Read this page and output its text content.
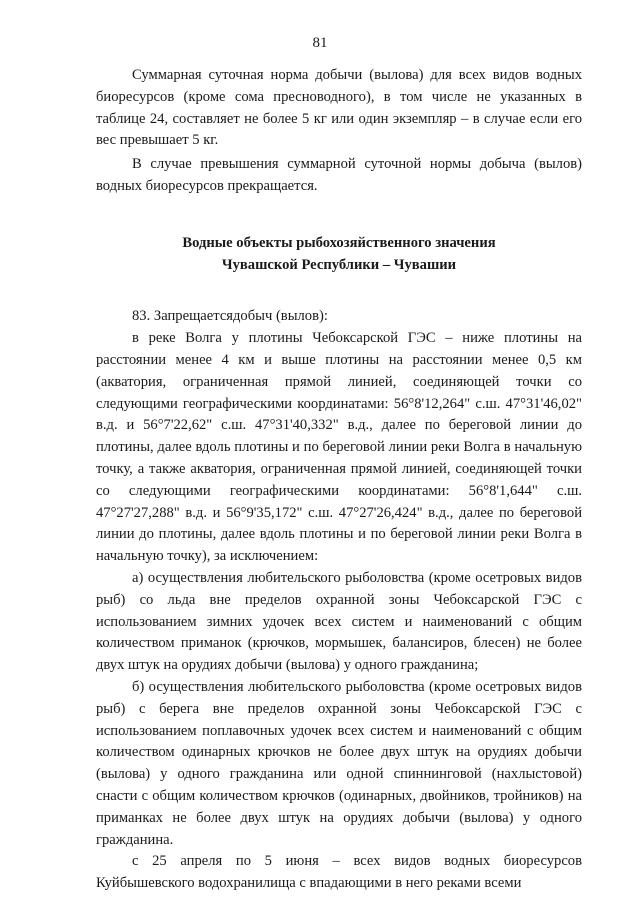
81

Суммарная суточная норма добычи (вылова) для всех видов водных биоресурсов (кроме сома пресноводного), в том числе не указанных в таблице 24, составляет не более 5 кг или один экземпляр – в случае если его вес превышает 5 кг.

В случае превышения суммарной суточной нормы добыча (вылов) водных биоресурсов прекращается.

Водные объекты рыбохозяйственного значения

Чувашской Республики – Чувашии

83. Запрещаетсядобыч (вылов):

в реке Волга у плотины Чебоксарской ГЭС – ниже плотины на расстоянии менее 4 км и выше плотины на расстоянии менее 0,5 км (акватория, ограниченная прямой линией, соединяющей точки со следующими географическими координатами: 56°8'12,264" с.ш. 47°31'46,02" в.д. и 56°7'22,62" с.ш. 47°31'40,332" в.д., далее по береговой линии до плотины, далее вдоль плотины и по береговой линии реки Волга в начальную точку, а также акватория, ограниченная прямой линией, соединяющей точки со следующими географическими координатами: 56°8'1,644" с.ш. 47°27'27,288" в.д. и 56°9'35,172" с.ш. 47°27'26,424" в.д., далее по береговой линии до плотины, далее вдоль плотины и по береговой линии реки Волга в начальную точку), за исключением:

а) осуществления любительского рыболовства (кроме осетровых видов рыб) со льда вне пределов охранной зоны Чебоксарской ГЭС с использованием зимних удочек всех систем и наименований с общим количеством приманок (крючков, мормышек, балансиров, блесен) не более двух штук на орудиях добычи (вылова) у одного гражданина;

б) осуществления любительского рыболовства (кроме осетровых видов рыб) с берега вне пределов охранной зоны Чебоксарской ГЭС с использованием поплавочных удочек всех систем и наименований с общим количеством одинарных крючков не более двух штук на орудиях добычи (вылова) у одного гражданина или одной спиннинговой (нахлыстовой) снасти с общим количеством крючков (одинарных, двойников, тройников) на приманках не более двух штук на орудиях добычи (вылова) у одного гражданина.

с 25 апреля по 5 июня – всех видов водных биоресурсов Куйбышевского водохранилища с впадающими в него реками всеми
